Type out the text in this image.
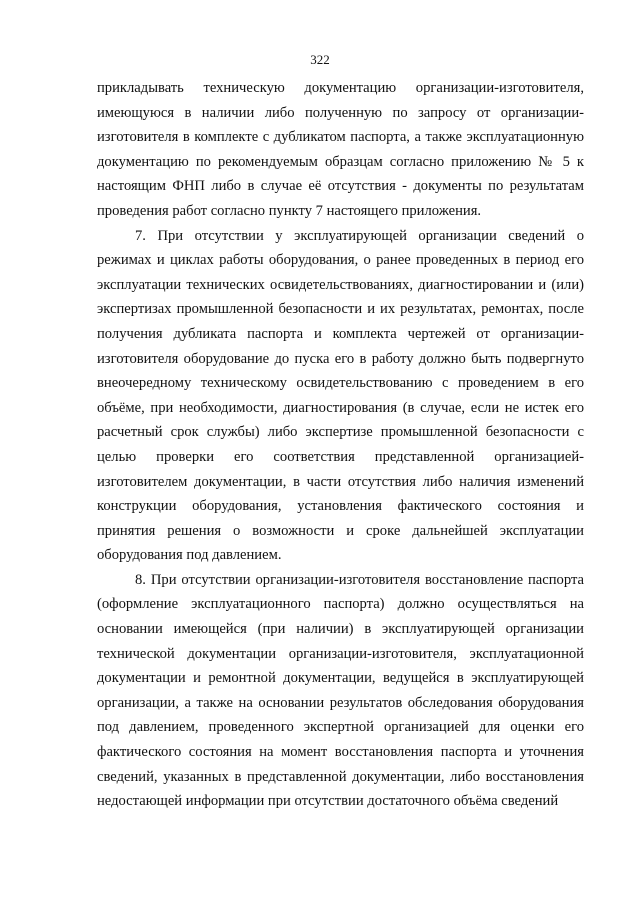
322

прикладывать техническую документацию организации-изготовителя, имеющуюся в наличии либо полученную по запросу от организации-изготовителя в комплекте с дубликатом паспорта, а также эксплуатационную документацию по рекомендуемым образцам согласно приложению № 5 к настоящим ФНП либо в случае её отсутствия - документы по результатам проведения работ согласно пункту 7 настоящего приложения.

7. При отсутствии у эксплуатирующей организации сведений о режимах и циклах работы оборудования, о ранее проведенных в период его эксплуатации технических освидетельствованиях, диагностировании и (или) экспертизах промышленной безопасности и их результатах, ремонтах, после получения дубликата паспорта и комплекта чертежей от организации-изготовителя оборудование до пуска его в работу должно быть подвергнуто внеочередному техническому освидетельствованию с проведением в его объёме, при необходимости, диагностирования (в случае, если не истек его расчетный срок службы) либо экспертизе промышленной безопасности с целью проверки его соответствия представленной организацией-изготовителем документации, в части отсутствия либо наличия изменений конструкции оборудования, установления фактического состояния и принятия решения о возможности и сроке дальнейшей эксплуатации оборудования под давлением.

8. При отсутствии организации-изготовителя восстановление паспорта (оформление эксплуатационного паспорта) должно осуществляться на основании имеющейся (при наличии) в эксплуатирующей организации технической документации организации-изготовителя, эксплуатационной документации и ремонтной документации, ведущейся в эксплуатирующей организации, а также на основании результатов обследования оборудования под давлением, проведенного экспертной организацией для оценки его фактического состояния на момент восстановления паспорта и уточнения сведений, указанных в представленной документации, либо восстановления недостающей информации при отсутствии достаточного объёма сведений
